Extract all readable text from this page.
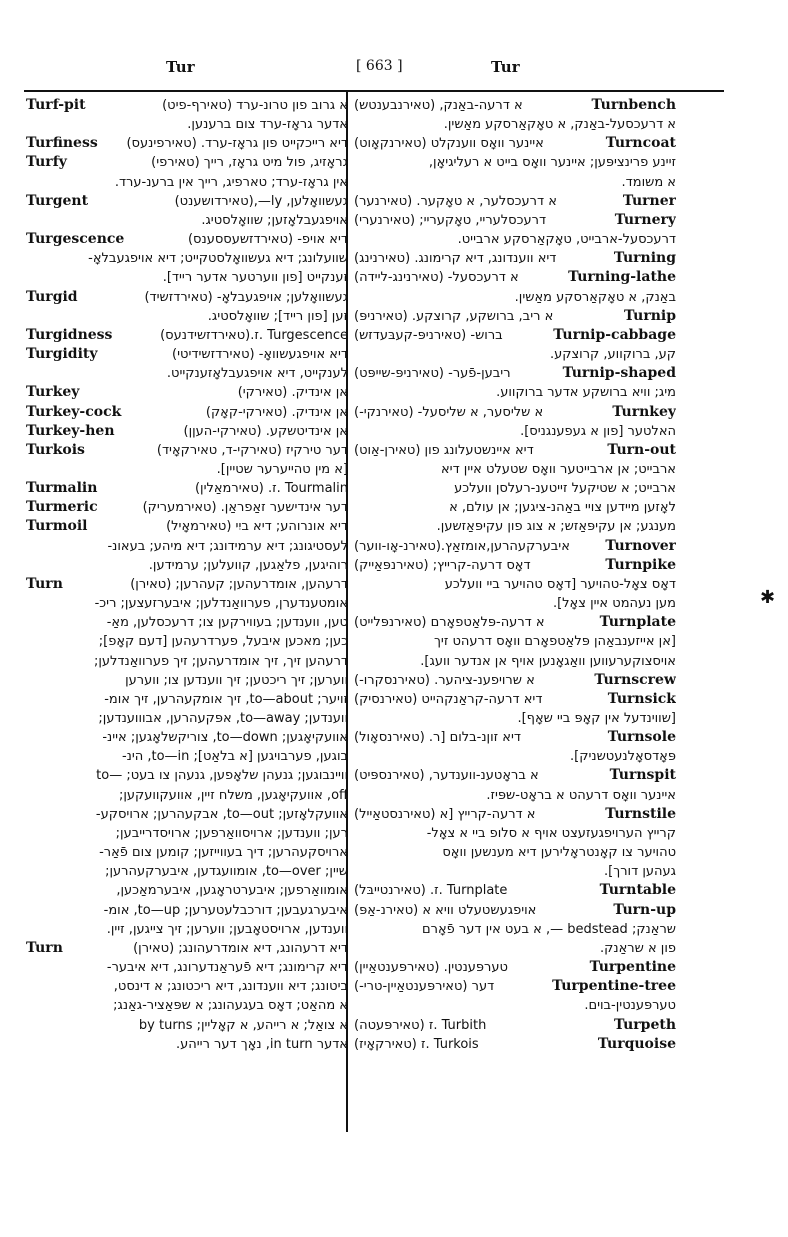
Tur	[ 663 ]	Tur
Turf-pit	א גרוב פון טרונ-ערד (טאירף-פיט)
אדער גראָז-ערד צום ברענען.
Turfiness דיא רייכקייט פון גראָז-ערד. (טאירפינעס)
Turfy	גראָזיג, פול מיט גראָז, רייך (טאירפי)
אין גראָז-ערד; טארפיג, רייך אין ברענ-ערד.
Turgent	געשוואָלען, ly—,(טאירדושענט)
אויפגעבלאָזען; שוואָלסטיג.
Turgescence	דיא אויפ- (טאירדזשעססענס)
שוועלונג; דיא געשוואָלסטקייט; דיא אויפגעבלאָ-
זענקייט [פון ווערטער אדער רייד].
Turgid	געשוואָלען; אויפגעבלאָ- (טאירדזשיד)
זען [פון רייד]; שוואָלסטיג.
Turgidness	Turgescence .ז.(טאירדזשידנעס)
Turgidity	דיא אויפגעשוואָ- (טאירדזשידיטי)
לענקייט, דיא אויפגעבלאָזענקייט.
Turkey	אן אינדיק. (טאירקי)
Turkey-cock	אן אינדיק. (טאירקי-קאָק)
Turkey-hen	אן אינדיטשקע. (טאירקי-העןן)
Turkois	דער טירקיז (טאירקי-ד, טאירקאָיד)
[א מין טהייערער שטיין].
Turmalin	Tourmalin .ז. (טאירמאַלין)
Turmeric	דער אינדישער זאַפראַן. (טאירמעריק)
Turmoil	דיא אונרוהע; דיא ביִי (טאירמאָיל)
לעסטיגונג; דיא ערמידונג; דיא מיהע; בעאונ-
רוהיגען, פלאַגען, קוועלען; ערמידען.
Turn	דרעהען, אומדרעהען; קעהרען; (טאירן)
אומטענדערן, פערוואַנדלען; איבערזעצען; ריכ-
טען, ווענדען; בעווירקען צו; דרעכסלען, מאַ-
כען; מאכען איבעל, פערדרעהען [דעם קאָפ];
דרעהען זיך, זיך אומדרעהען; זיך פערוואַנדלען;
ווערען; זיך ריכטען; זיך ווענדען צו; ווערען
זויער; to—about, זיך אומקעהרען, זיך אומ-
ווענדען; to—away, אפּקעהרען, אבוווענדען;
אוועקיאָגען; to—down, צוריקשלאָגען; איינ-
בוגען, פערבויגען [א בלאַט]; to—in, הינ-
וויינבוגען; גנעהן שלאָפען, גנעהן צו בעט; —to
off, אוועקיאָגען, משלח זיין, אוועקוועקען;
אוועקלאָזען; to—out, אבקעהרען; ארויסקע-
רען; ווענדען; ארויסוואַרפען; ארויסדרייבען;
ארויסקעהרען; דיך בעווייזען; קומען צום פֿאַר-
שיין; to—over, אומוועגדען, איבערקעהרען;
אומוואַרפען; איבערטראָגען, איבערמאַכען,
איבערגעבען; דורכבלעטערען; to—up, אומ-
ווענדען, ארויסטאָבען; ווערען; זיך צייגען, זיין.
Turn	דיא דרעהונג, דיא אומדרעהונג; (טאירן)
דיא קרימונג; דיא פֿעראַנדערונג, דיא איבער-
ביטונג; דיא ווענדונג, דיא ריכטונג; א דינסט,
א מהאַט; דאָס בעגעהונג; א שפּאַציר-גאַנג;
א צואַל; א רייהע, א קאָליין; by turns
אדער in turn, נאָך דער רייהע.
א דרעה-באַנק, (טאירנבענטש)	Turnbench
א דרעכסעל-באַנק, א טאָקאַרסקע מאַשין.
איינער וואָס ווענקלט (טאירנקאָוט)	Turncoat
זיינע פרינציפּען; איינער וואָס בייט א רעליגיאָן,
א משומד.
א דרעכסלער, א טאָקער. (טאירנער)	Turner
דרעכסלעריי, טאָקעריי; (טאירנערי)	Turnery
דרעכסעל-ארבייט, טאָקאַרסקע ארבייט.
דיא ווענדונג, דיא קרימונג. (טאירנינג)	Turning
א דרעכסעל- (טאירנינג-ליידה)	Turning-lathe
באַנק, א טאָקאַרסקע מאַשין.
א ריב, ברושקע, קרוצקע. (טאירניפּ)	Turnip
ברוש- (טאירניפּ-קעבּעדזש)	Turnip-cabbage
קע, ברוקווע, קרוצקע.
ריבען-פֿער- (טאירניפּ-שייפּט)	Turnip-shaped
מיג; וויא ברושקע אדער ברוקווע.
א שליסער, א שליסעל- (טאירנקי-)	Turnkey
האלטער [פון א געפענגניס].
דיא איינשטעלונג פון (טאירן-אַוט)	Turn-out
ארבייט; אן ארבייטער וואָס שטעלט איין דיא
ארבייט; א שטיקעל זייטענ-רעלסן וועלכע
לאָזען מיידען צויי באַהנ-ציגען; אן עולם, א
מענגע; אן עקיפּאַזש; א צוג פון עקיפּאַזשען.
איבערקעהרען,אומזאַץ.(טאירנ-אָו-ווער)	Turnover
דאָס דרעה-קרייץ; (טאירנפּאַייק)	Turnpike
דאָס צאָל-טהויער [דאָס טהויער ביי וועלכע
מען נעהמט איין צאָל].
א דרעה-פּלאַטפאָרם (טאירנפּלייט)	Turnplate
[אן אייזענבאַהן פּלאַטפאָרם וואָס דרעהט זיך
אויסצוקערעווען וואַגאָנען אויף אן אנדער וועג].
א שרויפענ-ציהער. (טאירנסקרו-)	Turnscrew
דיא דרעה-קראַנקהייט (טאירנסיק)	Turnsick
[שווינדעל אין קאָפּ ביי שאָף].
דיא זוןנ-בלום [ר. (טאירנסאָול)	Turnsole
פּאָדסאָלנעטשניק].
א בראָטענ-ווענדער, (טאירנספּיט)	Turnspit
איינער וואָס דרעהט א בראָט-שפּיז.
א דרעה-קרייץ [א (טאירנסטאַייל)	Turnstile
קרייץ הערויפגעזעצט אויף א סלופ ביי א צאָל-
טהויער צו קאָנטראָלירען דיא מענשען וואָס
געהען דורך].
Turnplate .ז. (טאירנטייבּל)	Turntable
אויפגעשטעלט וויא א (טאירנ-אַפּ)	Turn-up
שראַנק; bedstead —, א בעט אין דער פֿאָרם
פון א שראַנק.
טערפּענטין. (טאירפּענטאַיין)	Turpentine
דער (טאירפּענטאַיין-טרי-)	Turpentine-tree
טערפּענטין-בוים.
Turbith .ז (טאירפּעטה)	Turpeth
Turkois .ז (טאירקאָיז)	Turquoise
✱
